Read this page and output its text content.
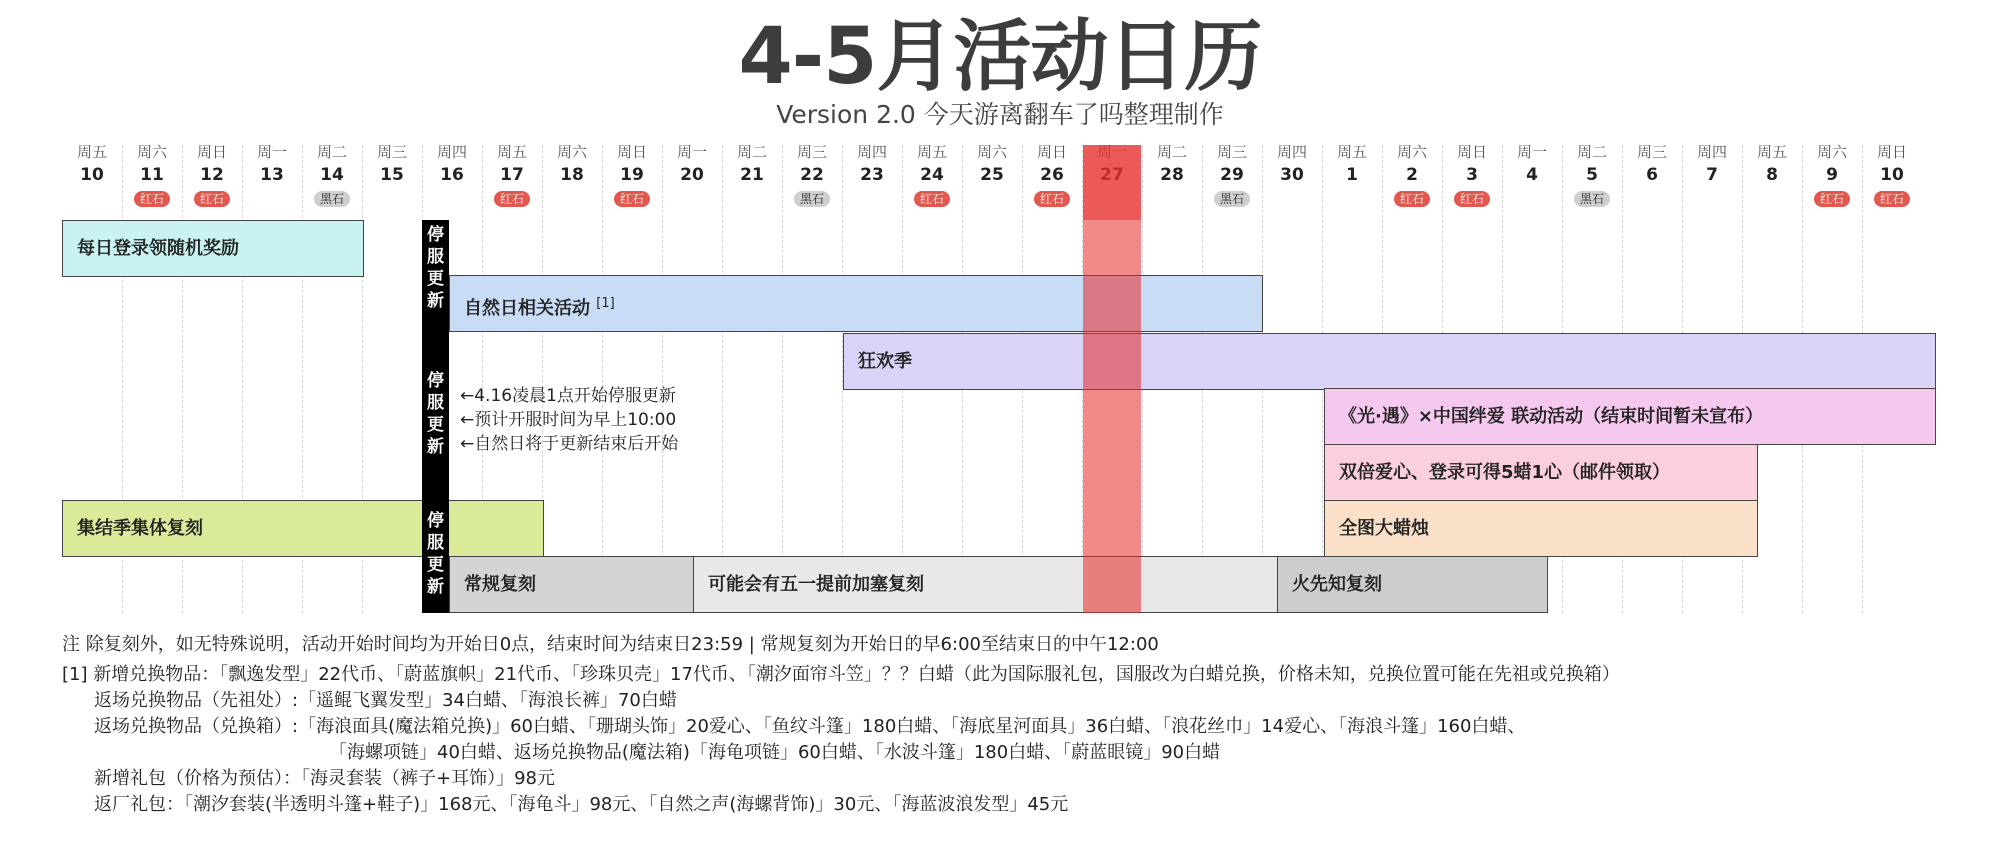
4-5月活动日历
Version 2.0 今天游离翻车了吗整理制作
周五
10
周六
11
红石
周日
12
红石
周一
13
周二
14
黑石
周三
15
周四
16
周五
17
红石
周六
18
周日
19
红石
周一
20
周二
21
周三
22
黑石
周四
23
周五
24
红石
周六
25
周日
26
红石
周二
28
周三
29
黑石
周四
30
周五
1
周六
2
红石
周日
3
红石
周一
4
周二
5
黑石
周三
6
周四
7
周五
8
周六
9
红石
周日
10
红石
每日登录领随机奖励
自然日相关活动 [1]
狂欢季
《光·遇》×中国绊爱 联动活动（结束时间暂未宣布）
双倍爱心、登录可得5蜡1心（邮件领取）
全图大蜡烛
集结季集体复刻
常规复刻	可能会有五一提前加塞复刻	火先知复刻
停
服
更
新
停
服
更
新
停
服
更
新
←4.16凌晨1点开始停服更新
←预计开服时间为早上10:00
←自然日将于更新结束后开始
注 除复刻外，如无特殊说明，活动开始时间均为开始日0点，结束时间为结束日23:59 | 常规复刻为开始日的早6:00至结束日的中午12:00
[1] 新增兑换物品：「飘逸发型」22代币、「蔚蓝旗帜」21代币、「珍珠贝壳」17代币、「潮汐面帘斗笠」？？白蜡（此为国际服礼包，国服改为白蜡兑换，价格未知，兑换位置可能在先祖或兑换箱）
返场兑换物品（先祖处）:「遥鲲飞翼发型」34白蜡、「海浪长裤」70白蜡
返场兑换物品（兑换箱）:「海浪面具(魔法箱兑换)」60白蜡、「珊瑚头饰」20爱心、「鱼纹斗篷」180白蜡、「海底星河面具」36白蜡、「浪花丝巾」14爱心、「海浪斗篷」160白蜡、
「海螺项链」40白蜡、返场兑换物品(魔法箱)「海龟项链」60白蜡、「水波斗篷」180白蜡、「蔚蓝眼镜」90白蜡
新增礼包（价格为预估）：「海灵套装（裤子+耳饰）」98元
返厂礼包：「潮汐套装(半透明斗篷+鞋子)」168元、「海龟斗」98元、「自然之声(海螺背饰)」30元、「海蓝波浪发型」45元
